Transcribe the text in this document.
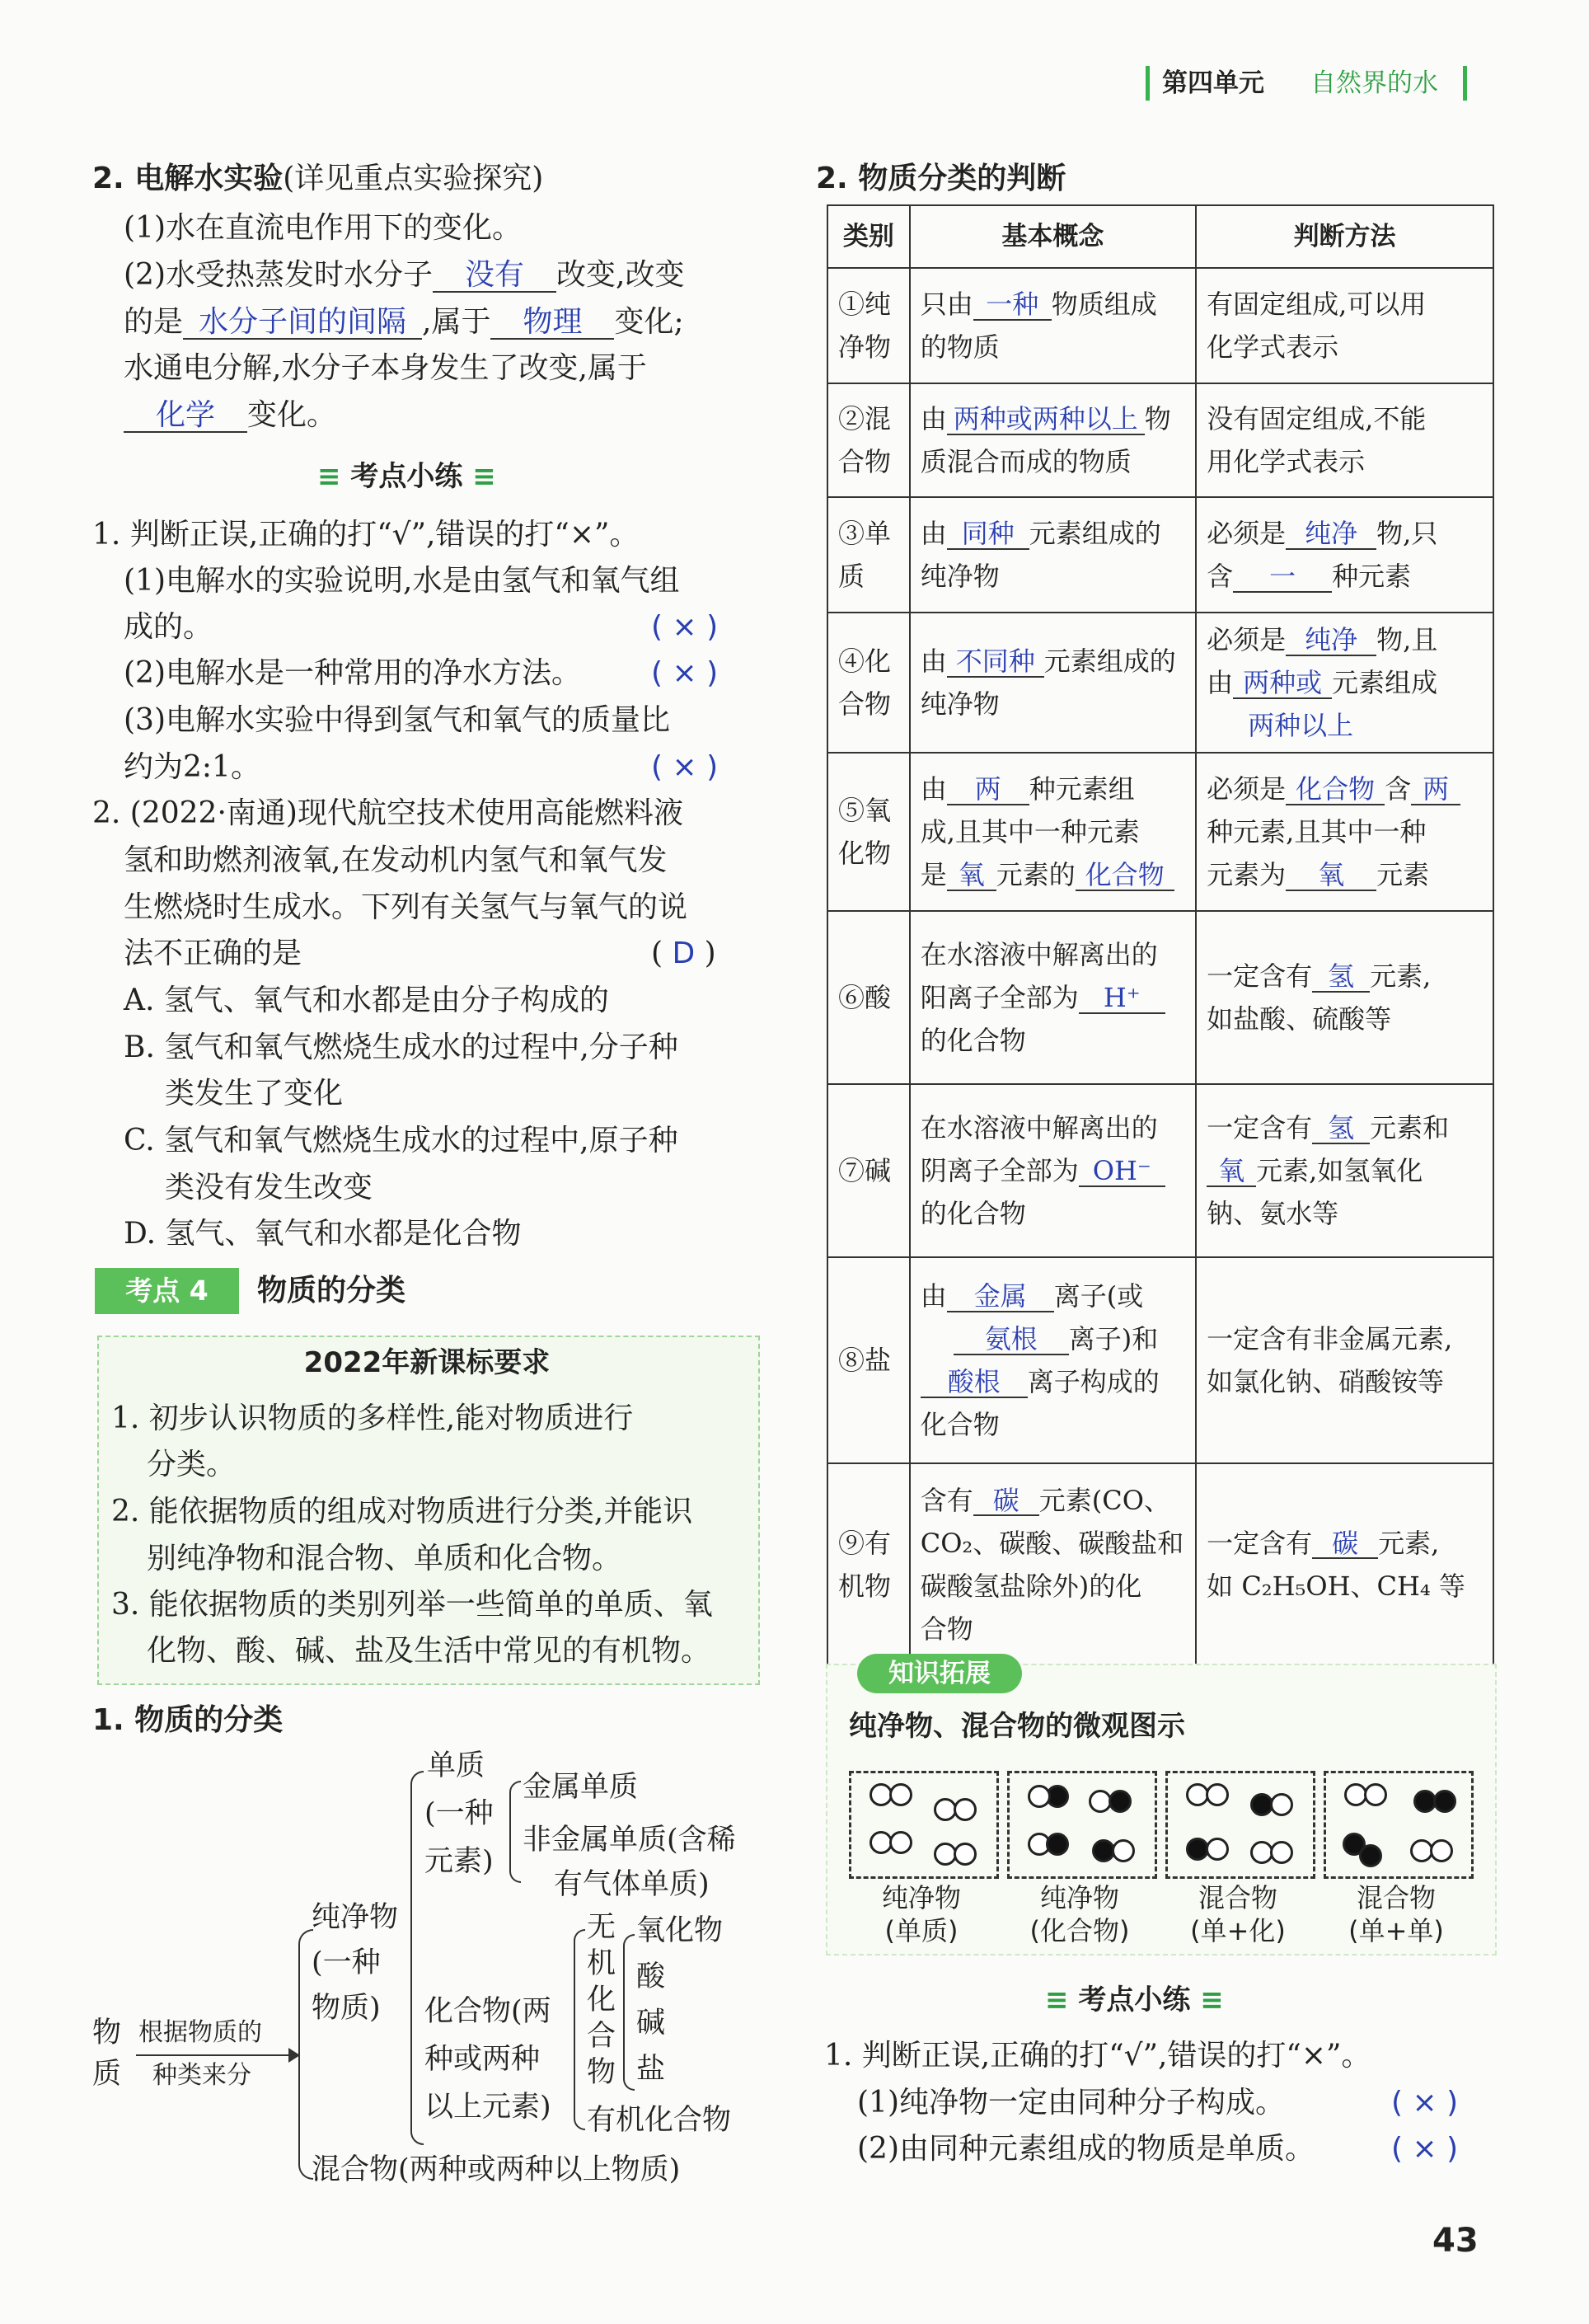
第四单元 自然界的水
2. 电解水实验(详见重点实验探究)
(1)水在直流电作用下的变化。
(2)水受热蒸发时水分子 没有 改变,改变
的是 水分子间的间隔 ,属于 物理 变化;
水通电分解,水分子本身发生了改变,属于
化学 变化。
≡ 考点小练 ≡
1. 判断正误,正确的打“√”,错误的打“×”。
(1)电解水的实验说明,水是由氢气和氧气组
成的。	( × )
(2)电解水是一种常用的净水方法。 ( × )
(3)电解水实验中得到氢气和氧气的质量比
约为2:1。	( × )
2. (2022·南通)现代航空技术使用高能燃料液
氢和助燃剂液氧,在发动机内氢气和氧气发
生燃烧时生成水。下列有关氢气与氧气的说
法不正确的是	( D )
A. 氢气、氧气和水都是由分子构成的
B. 氢气和氧气燃烧生成水的过程中,分子种
类发生了变化
C. 氢气和氧气燃烧生成水的过程中,原子种
类没有发生改变
D. 氢气、氧气和水都是化合物
考点 4	物质的分类
2022年新课标要求
1. 初步认识物质的多样性,能对物质进行
分类。
2. 能依据物质的组成对物质进行分类,并能识
别纯净物和混合物、单质和化合物。
3. 能依据物质的类别列举一些简单的单质、氧
化物、酸、碱、盐及生活中常见的有机物。
1. 物质的分类
物
质
根据物质的
种类来分
纯净物
(一种
物质)
混合物(两种或两种以上物质)
单质
(一种
元素)
金属单质
非金属单质(含稀
有气体单质)
化合物(两
种或两种
以上元素)
无
机
化
合
物
氧化物
酸
碱
盐
有机化合物
2. 物质分类的判断
类别	基本概念	判断方法
①纯
净物	只由 一种 物质组成
的物质	有固定组成,可以用
化学式表示
②混
合物	由 两种或两种以上 物
质混合而成的物质	没有固定组成,不能
用化学式表示
③单质	由 同种 元素组成的
纯净物	必须是 纯净 物,只
含 一 种元素
④化
合物	由 不同种 元素组成的
纯净物	必须是 纯净 物,且
由 两种或 元素组成
两种以上
⑤氧
化物	由 两 种元素组
成,且其中一种元素
是 氧 元素的 化合物	必须是 化合物 含 两
种元素,且其中一种
元素为 氧 元素
⑥酸	在水溶液中解离出的
阳离子全部为 H⁺
的化合物	一定含有 氢 元素,
如盐酸、硫酸等
⑦碱	在水溶液中解离出的
阴离子全部为 OH⁻
的化合物	一定含有 氢 元素和
氧 元素,如氢氧化
钠、氨水等
⑧盐	由 金属 离子(或
氨根 离子)和
酸根 离子构成的
化合物	一定含有非金属元素,
如氯化钠、硝酸铵等
⑨有
机物	含有 碳 元素(CO、
CO₂、碳酸、碳酸盐和
碳酸氢盐除外)的化
合物	一定含有 碳 元素,
如 C₂H₅OH、CH₄ 等
知识拓展
纯净物、混合物的微观图示
纯净物
(单质)
纯净物
(化合物)
混合物
(单+化)
混合物
(单+单)
≡ 考点小练 ≡
1. 判断正误,正确的打“√”,错误的打“×”。
(1)纯净物一定由同种分子构成。	( × )
(2)由同种元素组成的物质是单质。	( × )
43
